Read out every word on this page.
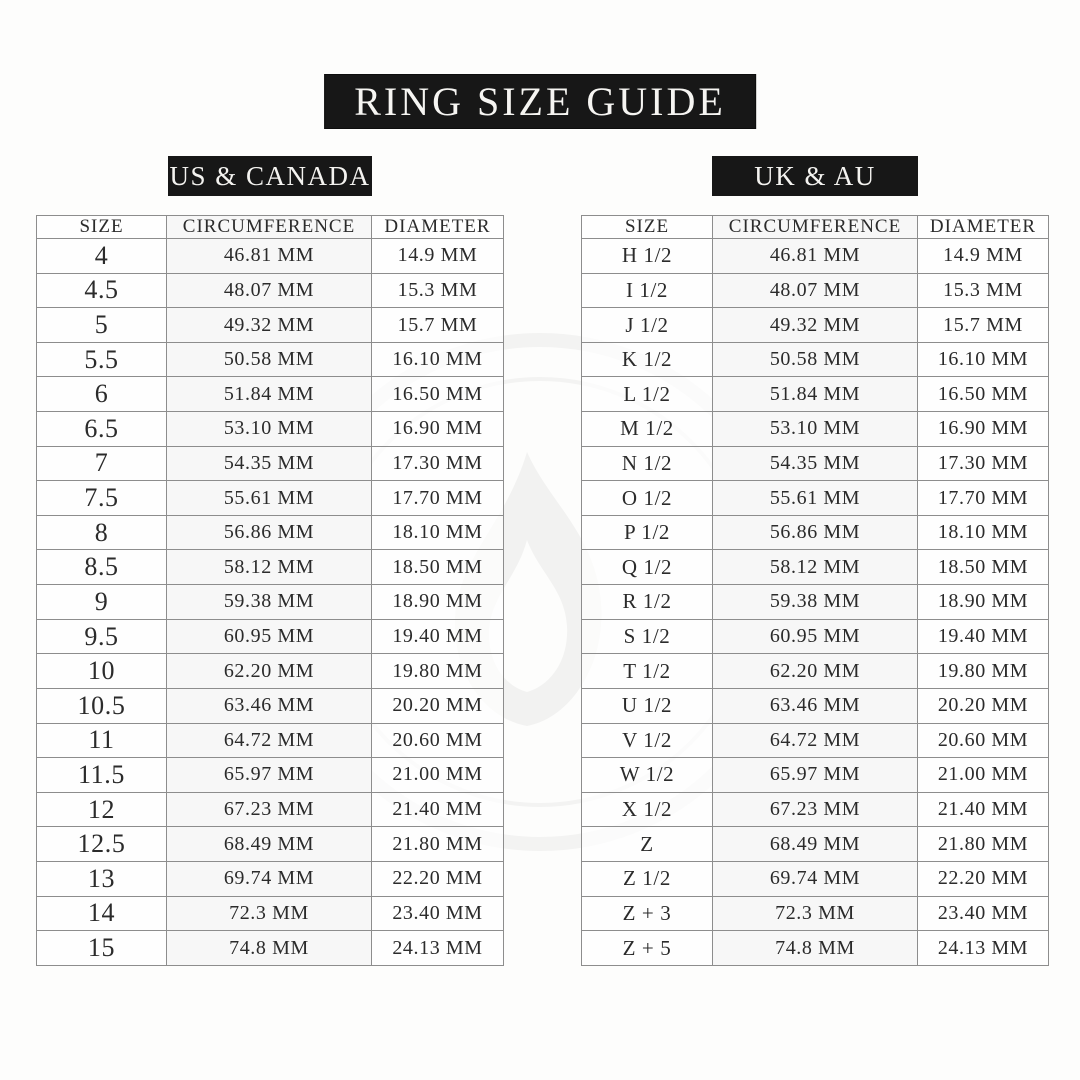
RING SIZE GUIDE
US & CANADA	UK & AU
SIZE	CIRCUMFERENCE	DIAMETER
4	46.81 MM	14.9 MM
4.5	48.07 MM	15.3 MM
5	49.32 MM	15.7 MM
5.5	50.58 MM	16.10 MM
6	51.84 MM	16.50 MM
6.5	53.10 MM	16.90 MM
7	54.35 MM	17.30 MM
7.5	55.61 MM	17.70 MM
8	56.86 MM	18.10 MM
8.5	58.12 MM	18.50 MM
9	59.38 MM	18.90 MM
9.5	60.95 MM	19.40 MM
10	62.20 MM	19.80 MM
10.5	63.46 MM	20.20 MM
11	64.72 MM	20.60 MM
11.5	65.97 MM	21.00 MM
12	67.23 MM	21.40 MM
12.5	68.49 MM	21.80 MM
13	69.74 MM	22.20 MM
14	72.3 MM	23.40 MM
15	74.8 MM	24.13 MM
SIZE	CIRCUMFERENCE	DIAMETER
H 1/2	46.81 MM	14.9 MM
I 1/2	48.07 MM	15.3 MM
J 1/2	49.32 MM	15.7 MM
K 1/2	50.58 MM	16.10 MM
L 1/2	51.84 MM	16.50 MM
M 1/2	53.10 MM	16.90 MM
N 1/2	54.35 MM	17.30 MM
O 1/2	55.61 MM	17.70 MM
P 1/2	56.86 MM	18.10 MM
Q 1/2	58.12 MM	18.50 MM
R 1/2	59.38 MM	18.90 MM
S 1/2	60.95 MM	19.40 MM
T 1/2	62.20 MM	19.80 MM
U 1/2	63.46 MM	20.20 MM
V 1/2	64.72 MM	20.60 MM
W 1/2	65.97 MM	21.00 MM
X 1/2	67.23 MM	21.40 MM
Z	68.49 MM	21.80 MM
Z 1/2	69.74 MM	22.20 MM
Z + 3	72.3 MM	23.40 MM
Z + 5	74.8 MM	24.13 MM
